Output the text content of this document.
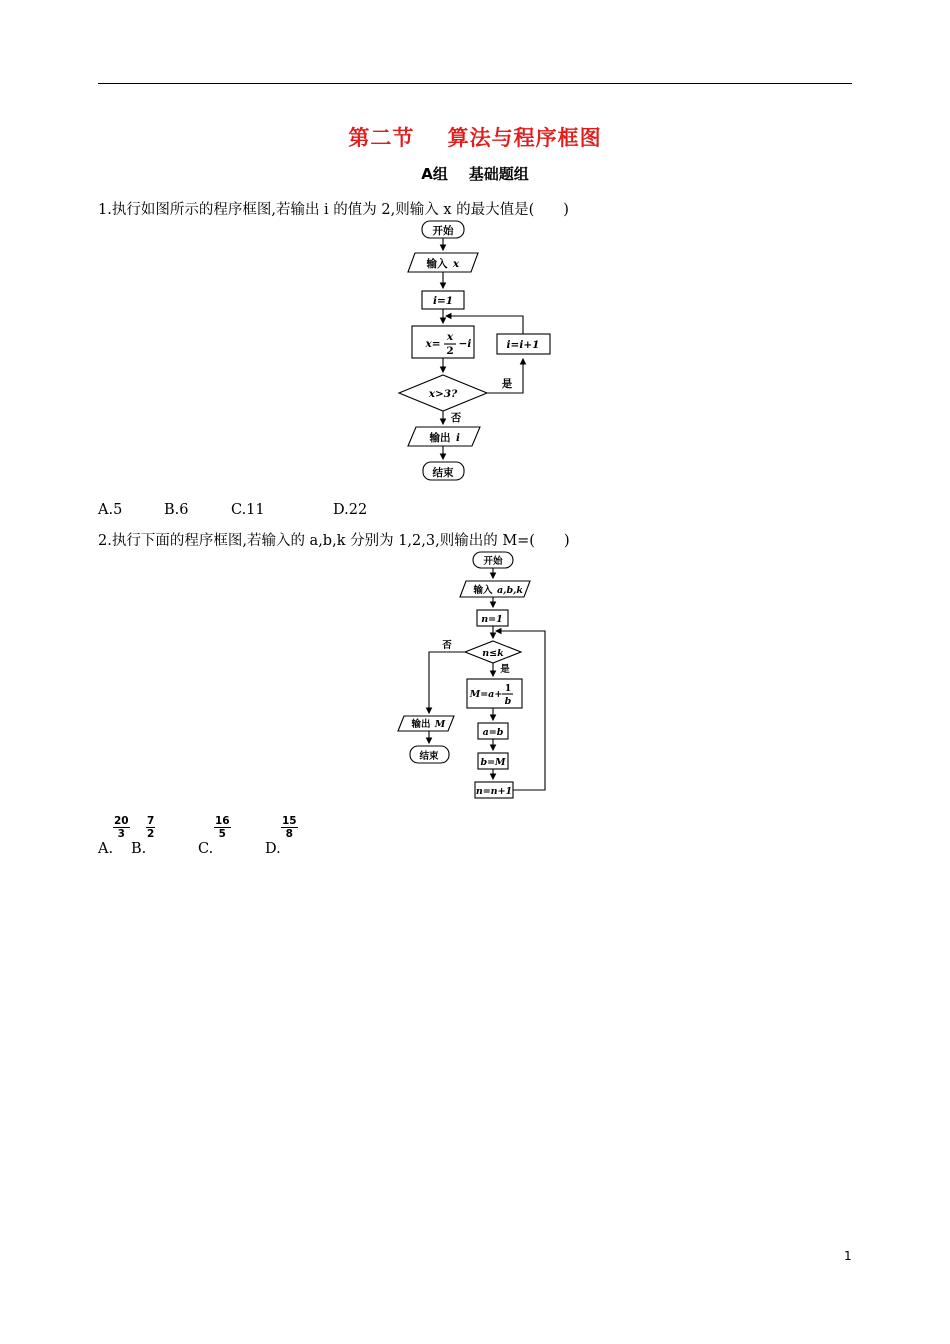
第二节    算法与程序框图
A组    基础题组
1.执行如图所示的程序框图,若输出 i 的值为 2,则输入 x 的最大值是(　　)
开始
输入 x
i=1
x=
x
2
−i	i=i+1
x>3?
是
否
输出 i
结束
A.5	B.6	C.11	D.22
2.执行下面的程序框图,若输入的 a,b,k 分别为 1,2,3,则输出的 M=(　　)
开始
输入 a,b,k
n=1
n≤k
否
是
M=a+
1
b
a=b
b=M
n=n+1
输出 M
结束
A.
$\frac{20}{3}$
B.
$\frac{7}{2}$
C.
$\frac{16}{5}$
D.
$\frac{15}{8}$
1
